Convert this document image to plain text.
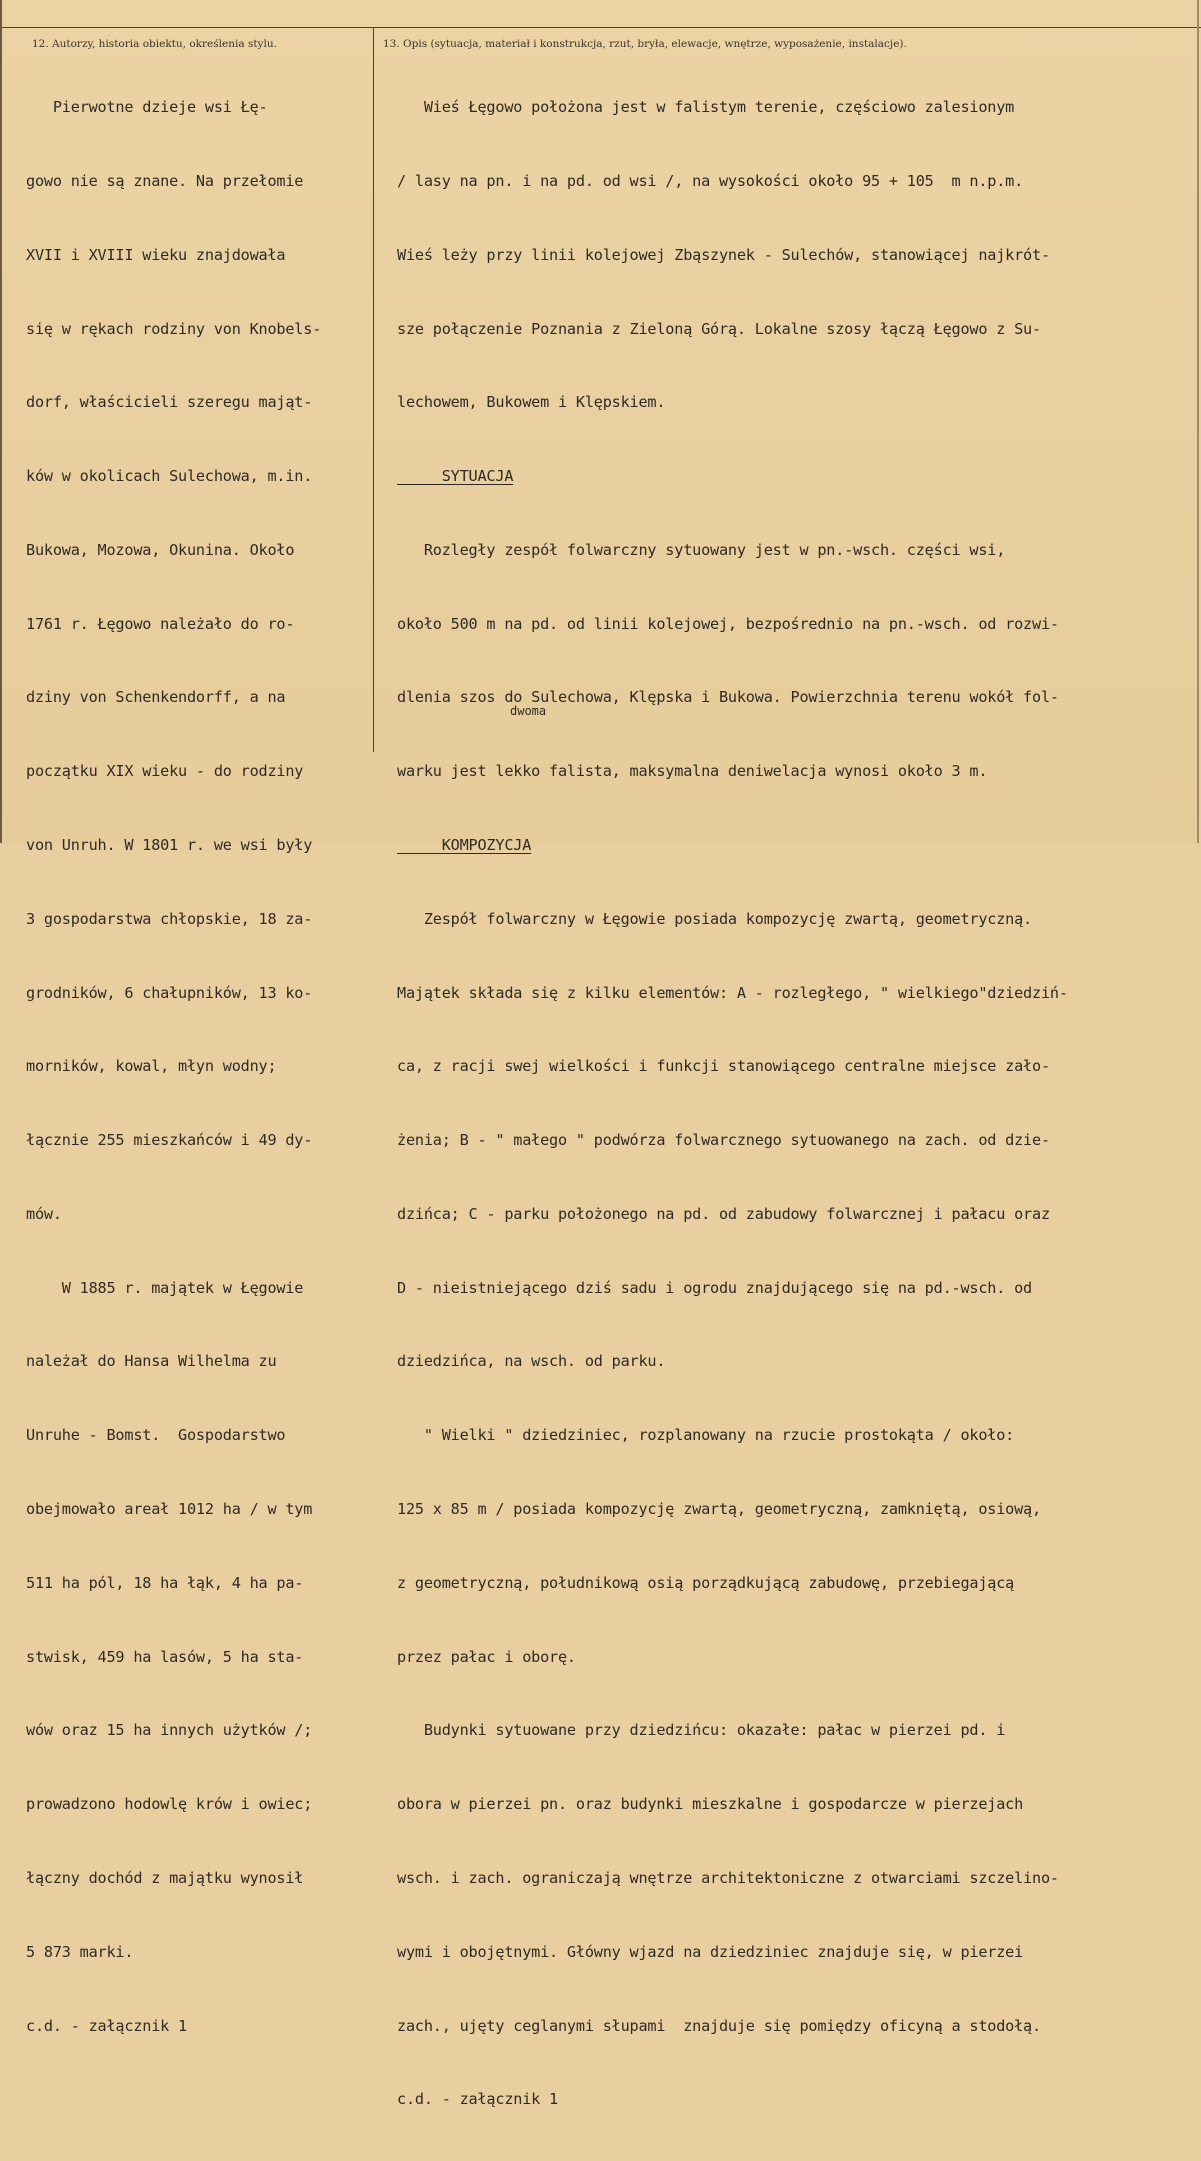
12. Autorzy, historia obiektu, określenia stylu.	13. Opis (sytuacja, materiał i konstrukcja, rzut, bryła, elewacje, wnętrze, wyposażenie, instalacje).

Pierwotne dzieje wsi Łę-

gowo nie są znane. Na przełomie

XVII i XVIII wieku znajdowała

się w rękach rodziny von Knobels-

dorf, właścicieli szeregu mająt-

ków w okolicach Sulechowa, m.in.

Bukowa, Mozowa, Okunina. Około

1761 r. Łęgowo należało do ro-

dziny von Schenkendorff, a na

początku XIX wieku - do rodziny

von Unruh. W 1801 r. we wsi były

3 gospodarstwa chłopskie, 18 za-

grodników, 6 chałupników, 13 ko-

morników, kowal, młyn wodny;

łącznie 255 mieszkańców i 49 dy-

mów.

W 1885 r. majątek w Łęgowie

należał do Hansa Wilhelma zu

Unruhe - Bomst.  Gospodarstwo

obejmowało areał 1012 ha / w tym

511 ha pól, 18 ha łąk, 4 ha pa-

stwisk, 459 ha lasów, 5 ha sta-

wów oraz 15 ha innych użytków /;

prowadzono hodowlę krów i owiec;

łączny dochód z majątku wynosił

5 873 marki.

c.d. - załącznik 1

Wieś Łęgowo położona jest w falistym terenie, częściowo zalesionym

/ lasy na pn. i na pd. od wsi /, na wysokości około 95 + 105  m n.p.m.

Wieś leży przy linii kolejowej Zbąszynek - Sulechów, stanowiącej najkrót-

sze połączenie Poznania z Zieloną Górą. Lokalne szosy łączą Łęgowo z Su-

lechowem, Bukowem i Klępskiem.

SYTUACJA

Rozległy zespół folwarczny sytuowany jest w pn.-wsch. części wsi,

około 500 m na pd. od linii kolejowej, bezpośrednio na pn.-wsch. od rozwi-

dlenia szos do Sulechowa, Klępska i Bukowa. Powierzchnia terenu wokół fol-

warku jest lekko falista, maksymalna deniwelacja wynosi około 3 m.

KOMPOZYCJA

Zespół folwarczny w Łęgowie posiada kompozycję zwartą, geometryczną.

Majątek składa się z kilku elementów: A - rozległego, " wielkiego"dziedziń-

ca, z racji swej wielkości i funkcji stanowiącego centralne miejsce zało-

żenia; B - " małego " podwórza folwarcznego sytuowanego na zach. od dzie-

dzińca; C - parku położonego na pd. od zabudowy folwarcznej i pałacu oraz

D - nieistniejącego dziś sadu i ogrodu znajdującego się na pd.-wsch. od

dziedzińca, na wsch. od parku.

" Wielki " dziedziniec, rozplanowany na rzucie prostokąta / około:

125 x 85 m / posiada kompozycję zwartą, geometryczną, zamkniętą, osiową,

z geometryczną, południkową osią porządkującą zabudowę, przebiegającą

przez pałac i oborę.

Budynki sytuowane przy dziedzińcu: okazałe: pałac w pierzei pd. i

obora w pierzei pn. oraz budynki mieszkalne i gospodarcze w pierzejach

wsch. i zach. ograniczają wnętrze architektoniczne z otwarciami szczelino-

wymi i obojętnymi. Główny wjazd na dziedziniec znajduje się, w pierzei

zach., ujęty ceglanymi słupami  znajduje się pomiędzy oficyną a stodołą.

c.d. - załącznik 1

dwoma
